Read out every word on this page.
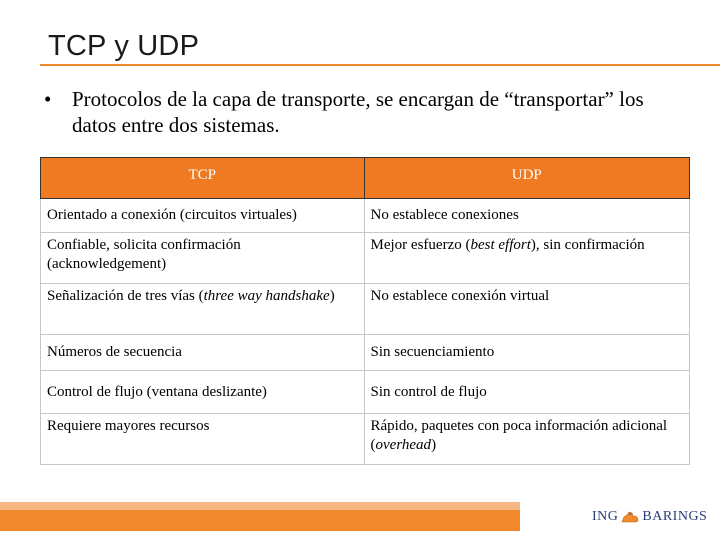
TCP y UDP
• Protocolos de la capa de transporte, se encargan de “transportar” los datos entre dos sistemas.
TCP	UDP
Orientado a conexión (circuitos virtuales)	No establece conexiones
Confiable, solicita confirmación (acknowledgement)	Mejor esfuerzo (best effort), sin confirmación
Señalización de tres vías (three way handshake)	No establece conexión virtual
Números de secuencia	Sin secuenciamiento
Control de flujo (ventana deslizante)	Sin control de flujo
Requiere mayores recursos	Rápido, paquetes con poca información adicional (overhead)
ING BARINGS
